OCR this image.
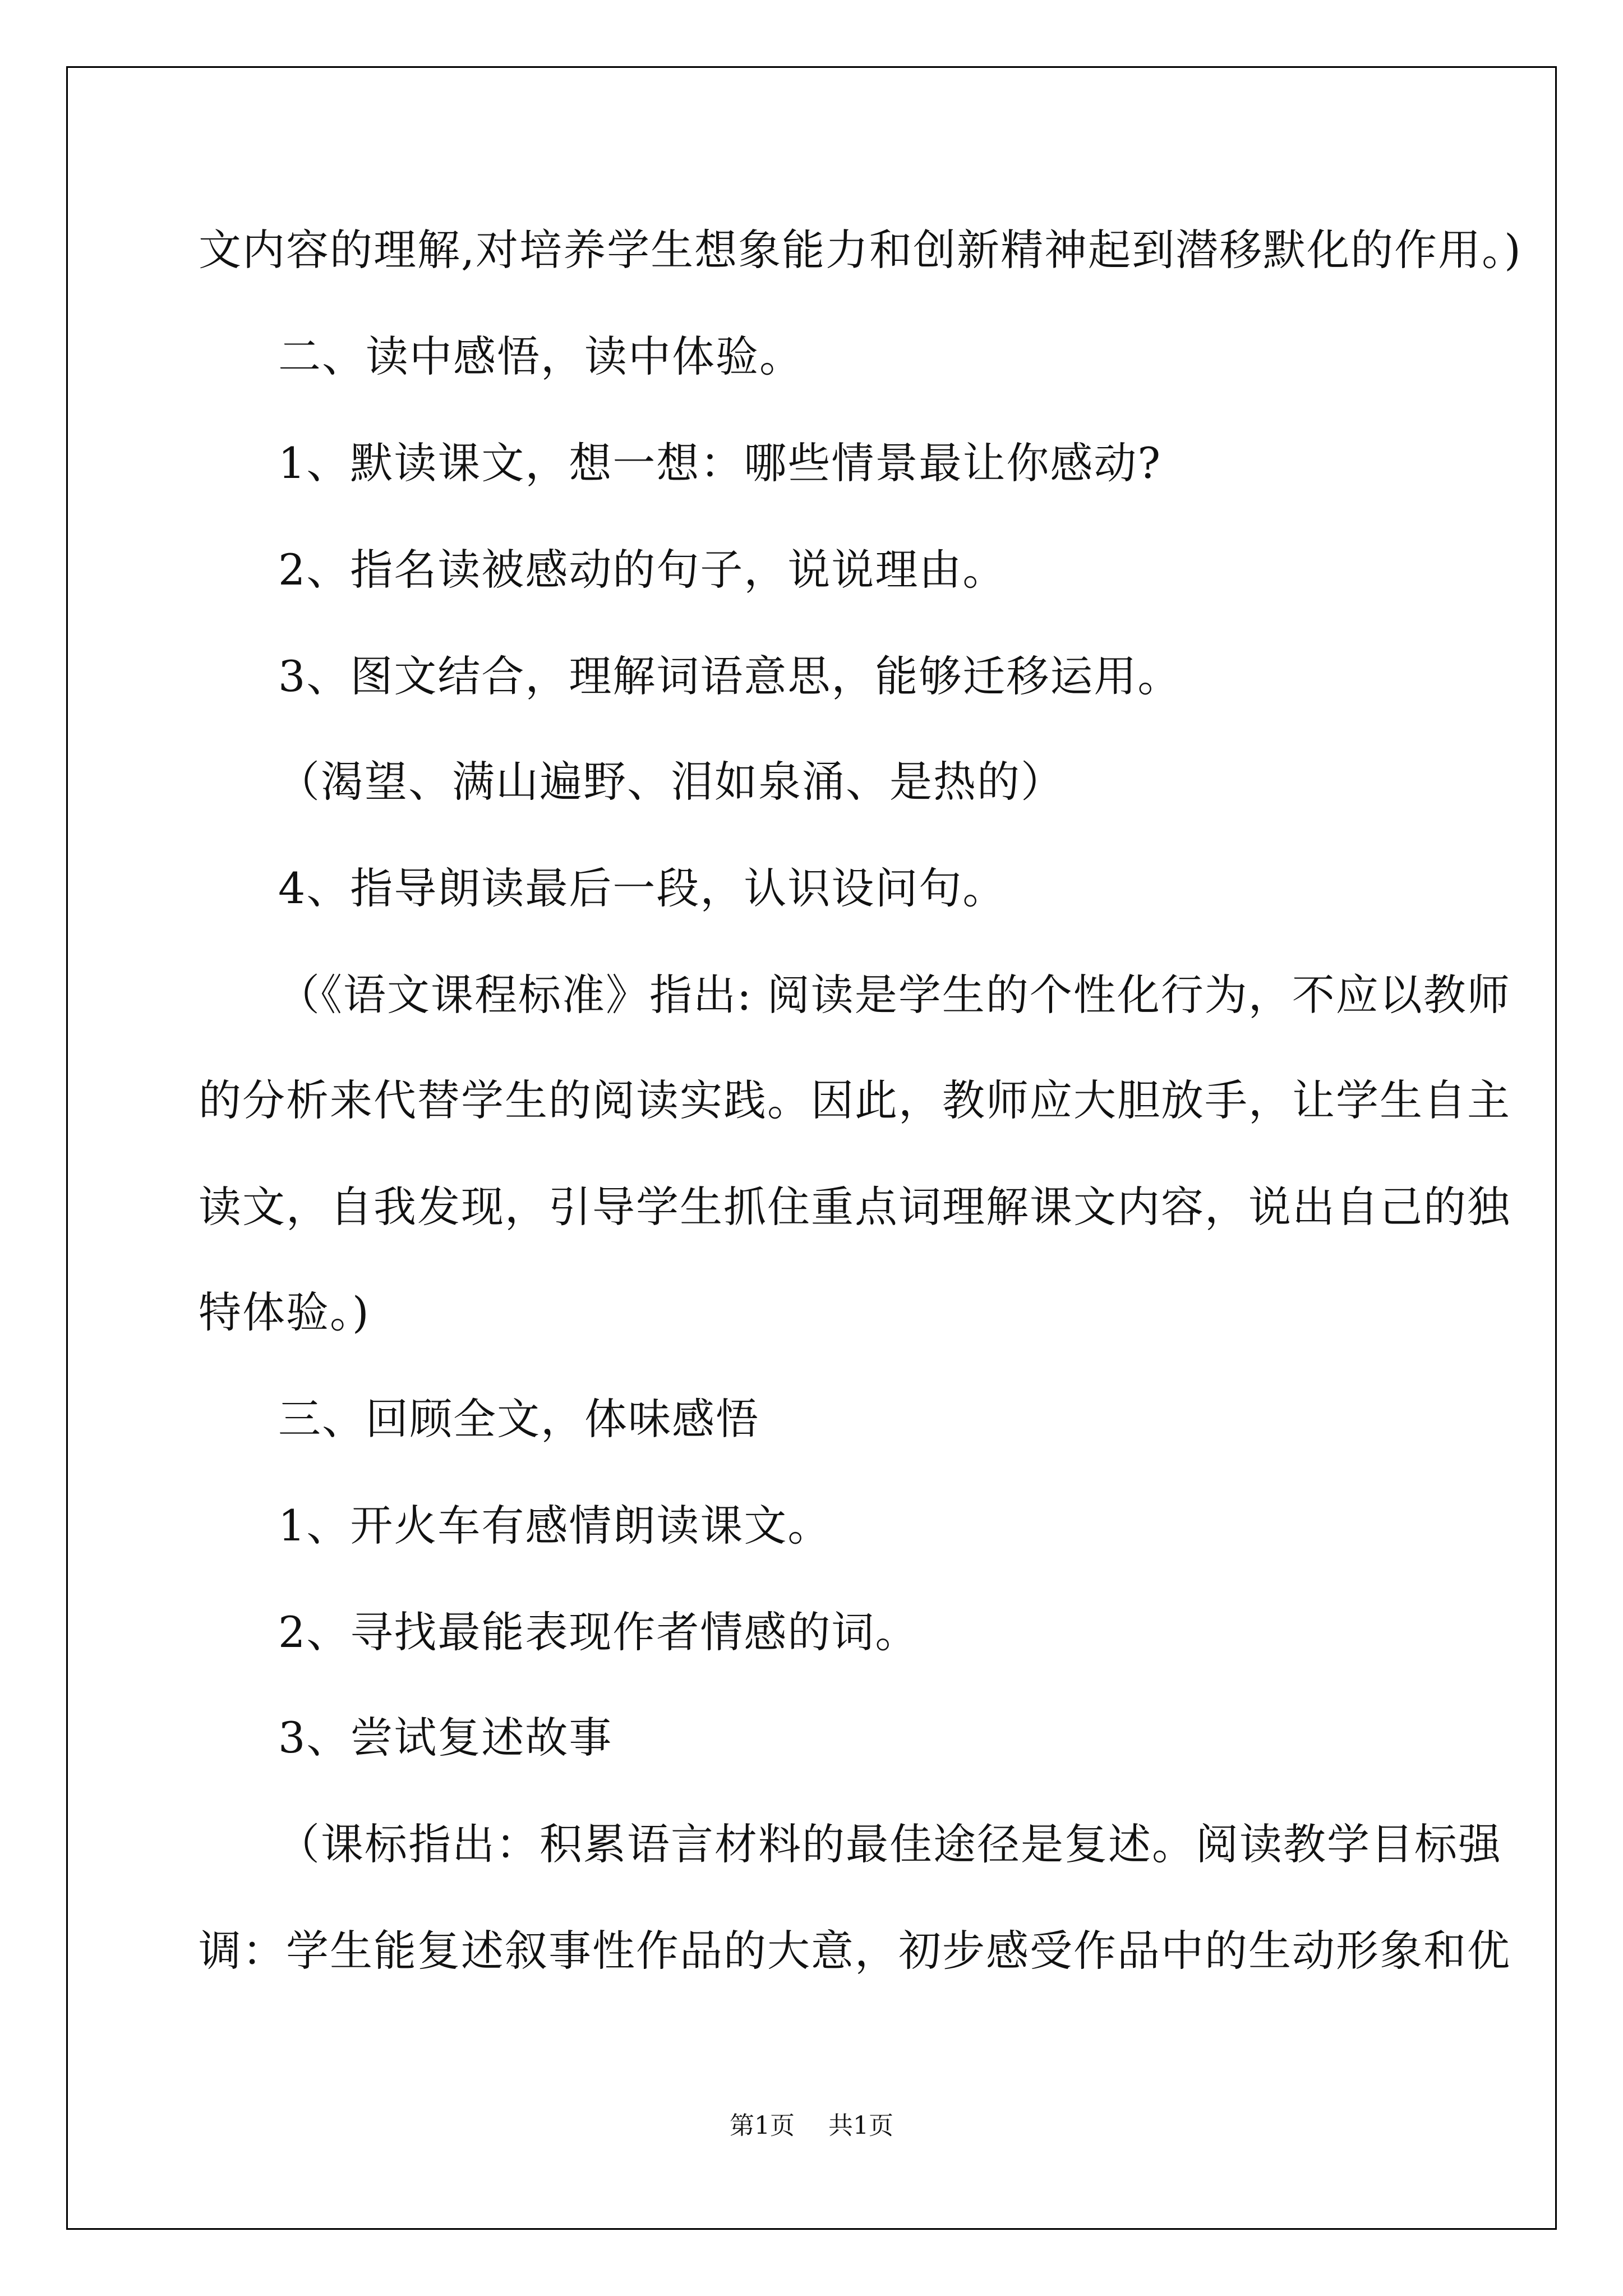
文内容的理解,对培养学生想象能力和创新精神起到潜移默化的作用。)
二、读中感悟，读中体验。
1、默读课文，想一想：哪些情景最让你感动?
2、指名读被感动的句子，说说理由。
3、图文结合，理解词语意思，能够迁移运用。
（渴望、满山遍野、泪如泉涌、是热的）
4、指导朗读最后一段，认识设问句。
（《语文课程标准》指出: 阅读是学生的个性化行为，不应以教师
的分析来代替学生的阅读实践。因此，教师应大胆放手，让学生自主
读文，自我发现，引导学生抓住重点词理解课文内容，说出自己的独
特体验。)
三、回顾全文，体味感悟
1、开火车有感情朗读课文。
2、寻找最能表现作者情感的词。
3、尝试复述故事
（课标指出：积累语言材料的最佳途径是复述。阅读教学目标强
调：学生能复述叙事性作品的大意，初步感受作品中的生动形象和优
第1页 共1页
